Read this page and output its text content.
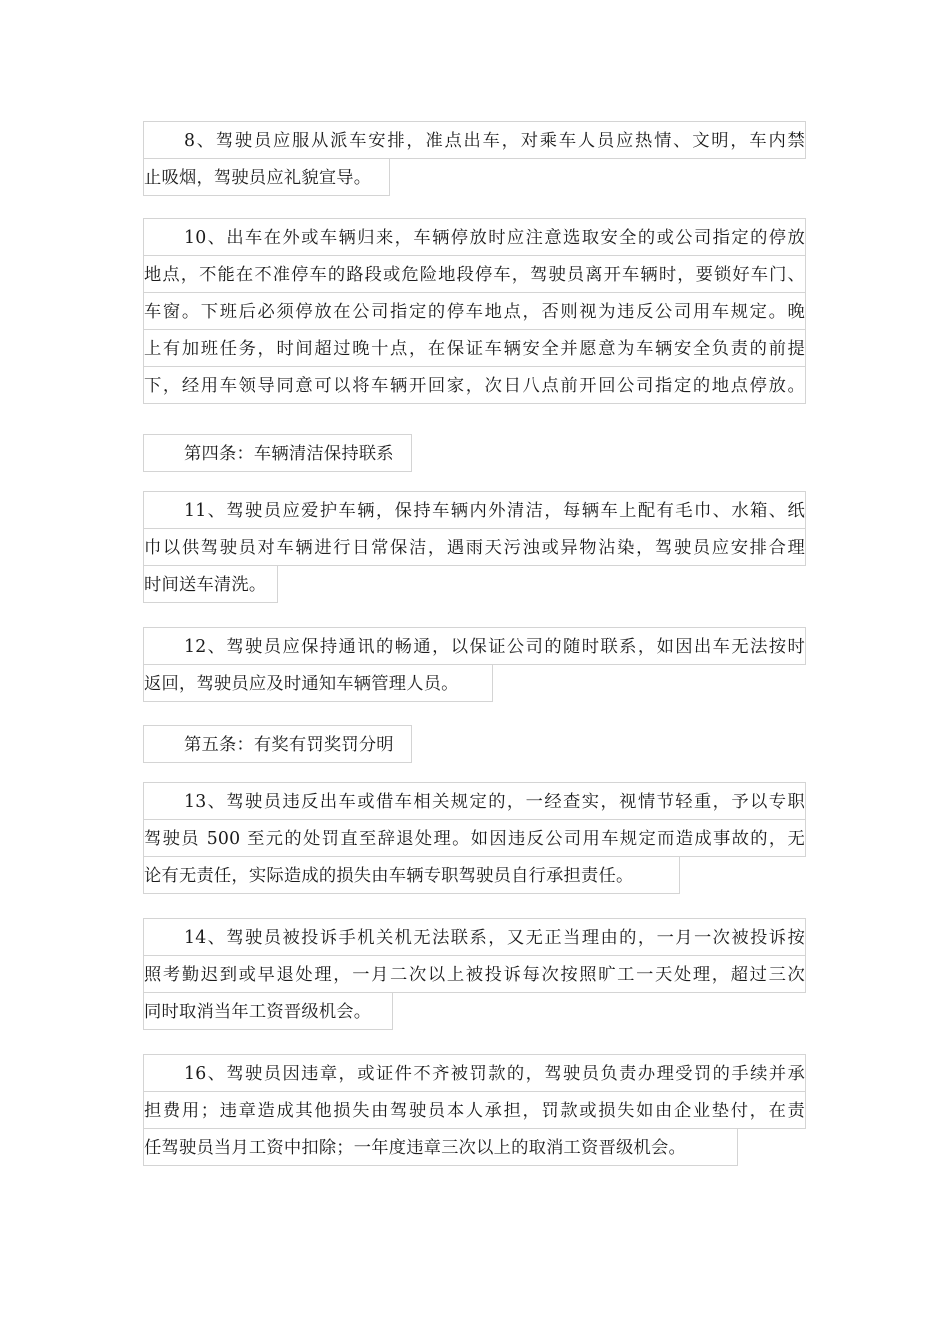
8、驾驶员应服从派车安排，准点出车，对乘车人员应热情、文明，车内禁
止吸烟，驾驶员应礼貌宣导。
10、出车在外或车辆归来，车辆停放时应注意选取安全的或公司指定的停放
地点，不能在不准停车的路段或危险地段停车，驾驶员离开车辆时，要锁好车门、
车窗。下班后必须停放在公司指定的停车地点，否则视为违反公司用车规定。晚
上有加班任务，时间超过晚十点，在保证车辆安全并愿意为车辆安全负责的前提
下，经用车领导同意可以将车辆开回家，次日八点前开回公司指定的地点停放。
第四条：车辆清洁保持联系
11、驾驶员应爱护车辆，保持车辆内外清洁，每辆车上配有毛巾、水箱、纸
巾以供驾驶员对车辆进行日常保洁，遇雨天污浊或异物沾染，驾驶员应安排合理
时间送车清洗。
12、驾驶员应保持通讯的畅通，以保证公司的随时联系，如因出车无法按时
返回，驾驶员应及时通知车辆管理人员。
第五条：有奖有罚奖罚分明
13、驾驶员违反出车或借车相关规定的，一经查实，视情节轻重，予以专职
驾驶员 500 至元的处罚直至辞退处理。如因违反公司用车规定而造成事故的，无
论有无责任，实际造成的损失由车辆专职驾驶员自行承担责任。
14、驾驶员被投诉手机关机无法联系，又无正当理由的，一月一次被投诉按
照考勤迟到或早退处理，一月二次以上被投诉每次按照旷工一天处理，超过三次
同时取消当年工资晋级机会。
16、驾驶员因违章，或证件不齐被罚款的，驾驶员负责办理受罚的手续并承
担费用；违章造成其他损失由驾驶员本人承担，罚款或损失如由企业垫付，在责
任驾驶员当月工资中扣除；一年度违章三次以上的取消工资晋级机会。
